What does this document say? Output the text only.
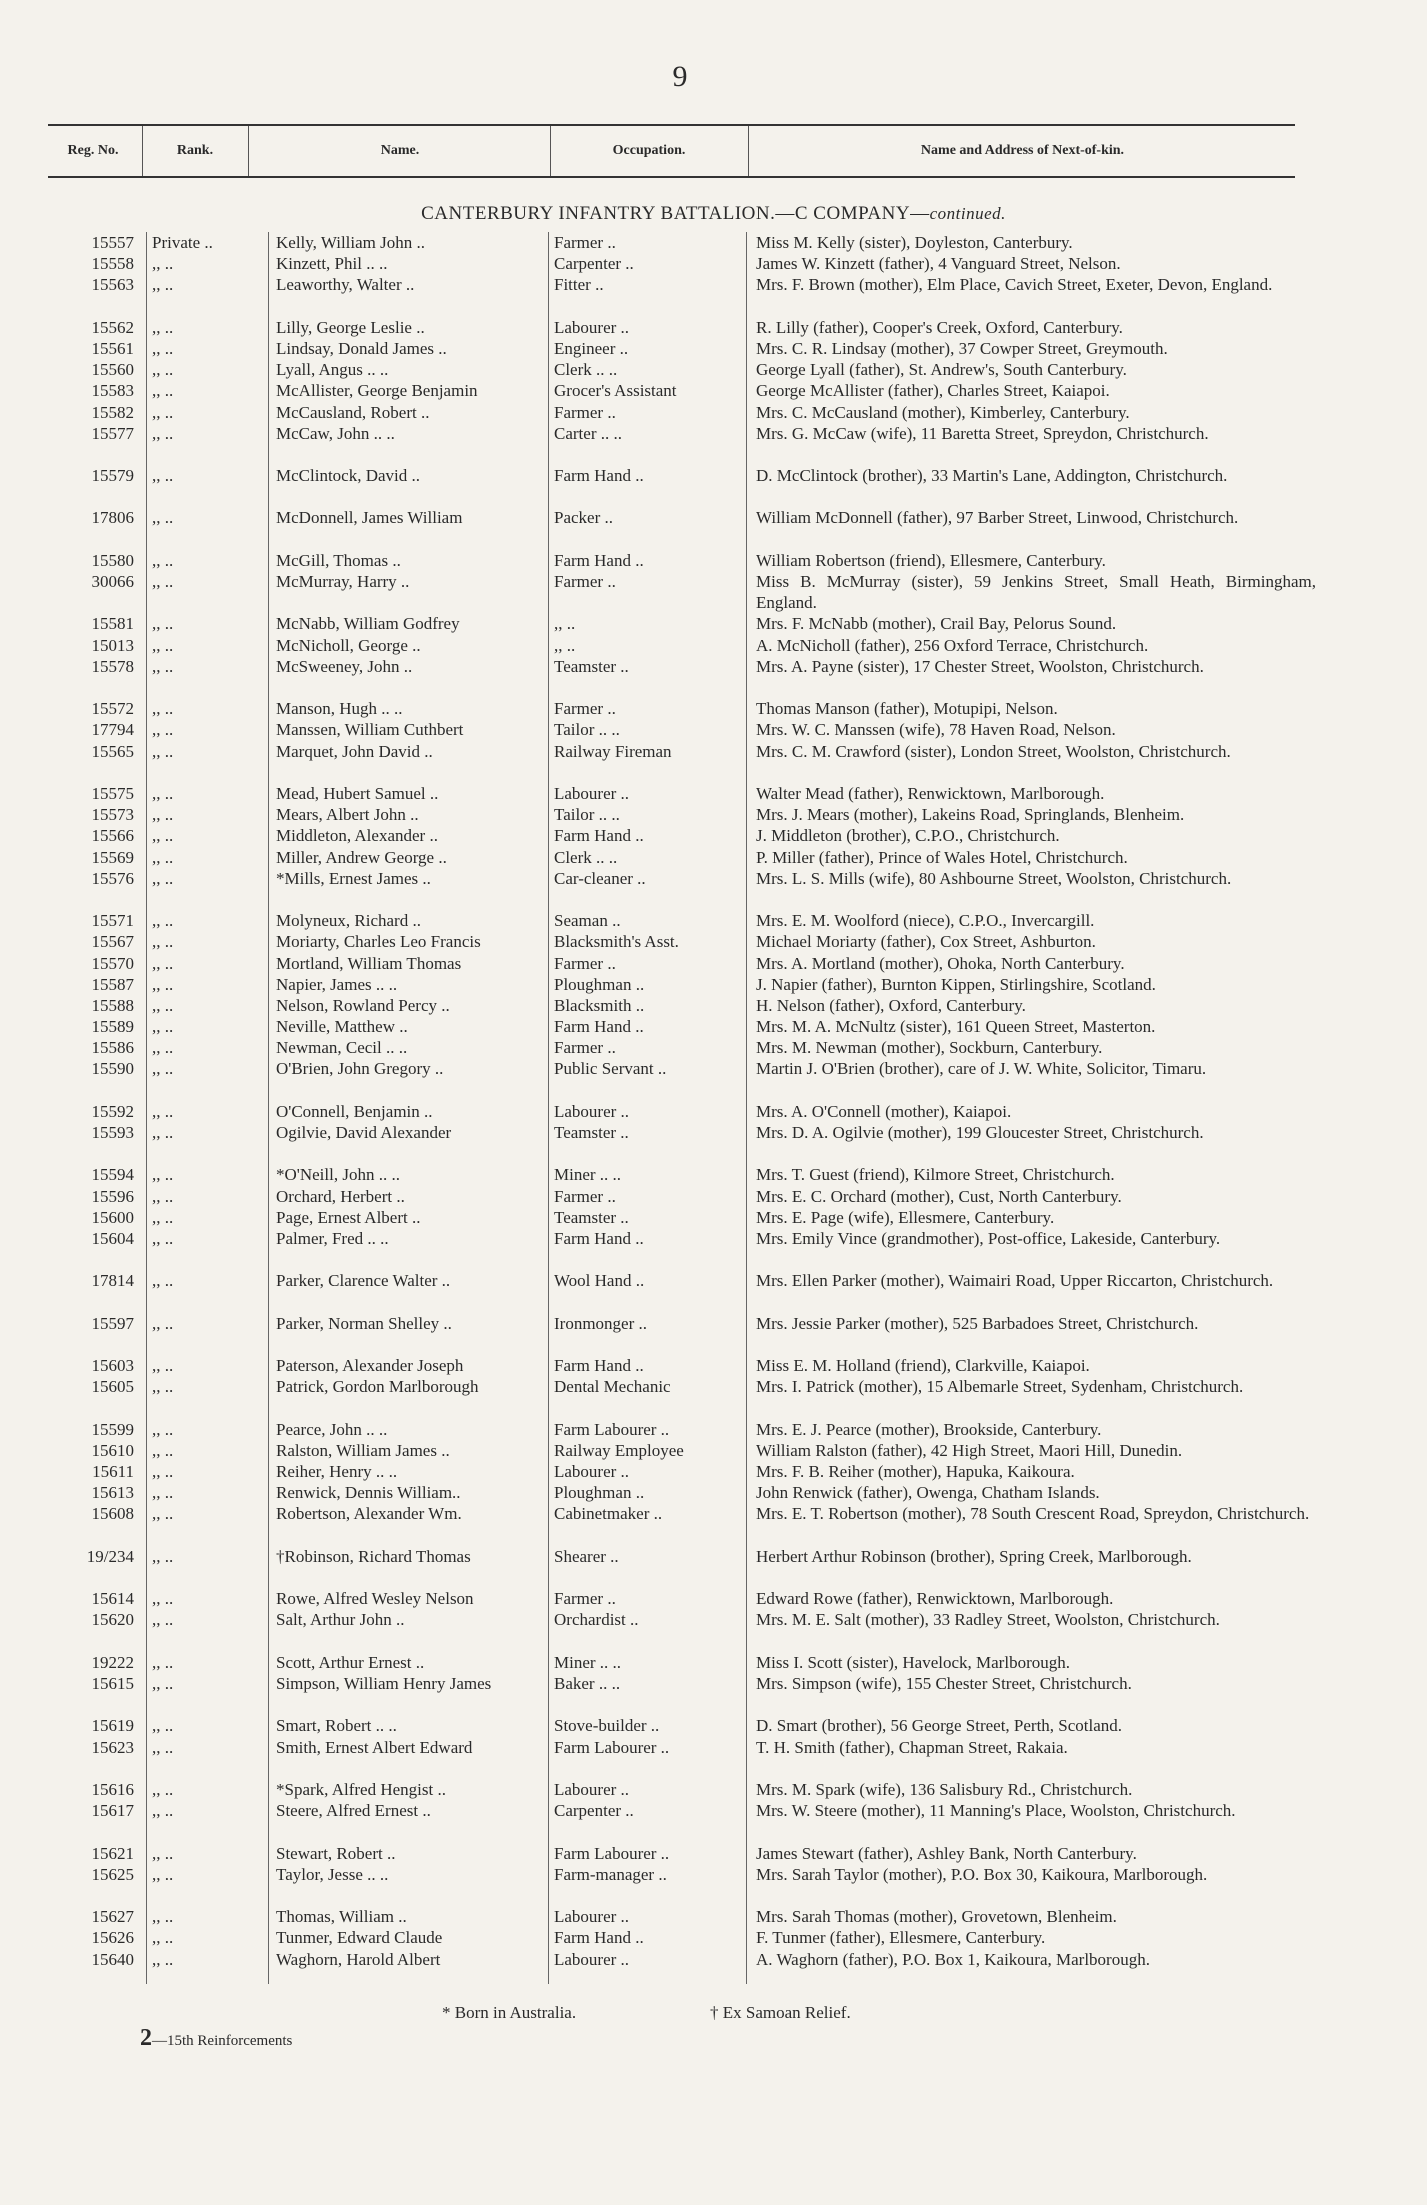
9
Reg. No.	Rank.	Name.	Occupation.	Name and Address of Next-of-kin.
CANTERBURY INFANTRY BATTALION.—C COMPANY—continued.
15557 Private ..	Kelly, William John ..	Farmer ..	Miss M. Kelly (sister), Doyleston, Canterbury.
15558 ,, ..	Kinzett, Phil .. ..	Carpenter ..	James W. Kinzett (father), 4 Vanguard Street, Nelson.
15563 ,, ..	Leaworthy, Walter ..	Fitter ..	Mrs. F. Brown (mother), Elm Place, Cavich Street, Exeter, Devon, England.
15562 ,, ..	Lilly, George Leslie ..	Labourer ..	R. Lilly (father), Cooper's Creek, Oxford, Canterbury.
15561 ,, ..	Lindsay, Donald James ..	Engineer ..	Mrs. C. R. Lindsay (mother), 37 Cowper Street, Greymouth.
15560 ,, ..	Lyall, Angus .. ..	Clerk .. ..	George Lyall (father), St. Andrew's, South Canterbury.
15583 ,, ..	McAllister, George Benjamin	Grocer's Assistant	George McAllister (father), Charles Street, Kaiapoi.
15582 ,, ..	McCausland, Robert ..	Farmer ..	Mrs. C. McCausland (mother), Kimberley, Canterbury.
15577 ,, ..	McCaw, John .. ..	Carter .. ..	Mrs. G. McCaw (wife), 11 Baretta Street, Spreydon, Christchurch.
15579 ,, ..	McClintock, David ..	Farm Hand ..	D. McClintock (brother), 33 Martin's Lane, Addington, Christchurch.
17806 ,, ..	McDonnell, James William	Packer ..	William McDonnell (father), 97 Barber Street, Linwood, Christchurch.
15580 ,, ..	McGill, Thomas ..	Farm Hand ..	William Robertson (friend), Ellesmere, Canterbury.
30066 ,, ..	McMurray, Harry ..	Farmer ..	Miss B. McMurray (sister), 59 Jenkins Street, Small Heath, Birmingham, England.
15581 ,, ..	McNabb, William Godfrey	,, ..	Mrs. F. McNabb (mother), Crail Bay, Pelorus Sound.
15013 ,, ..	McNicholl, George ..	,, ..	A. McNicholl (father), 256 Oxford Terrace, Christchurch.
15578 ,, ..	McSweeney, John ..	Teamster ..	Mrs. A. Payne (sister), 17 Chester Street, Woolston, Christchurch.
15572 ,, ..	Manson, Hugh .. ..	Farmer ..	Thomas Manson (father), Motupipi, Nelson.
17794 ,, ..	Manssen, William Cuthbert	Tailor .. ..	Mrs. W. C. Manssen (wife), 78 Haven Road, Nelson.
15565 ,, ..	Marquet, John David ..	Railway Fireman	Mrs. C. M. Crawford (sister), London Street, Woolston, Christchurch.
15575 ,, ..	Mead, Hubert Samuel ..	Labourer ..	Walter Mead (father), Renwicktown, Marlborough.
15573 ,, ..	Mears, Albert John ..	Tailor .. ..	Mrs. J. Mears (mother), Lakeins Road, Springlands, Blenheim.
15566 ,, ..	Middleton, Alexander ..	Farm Hand ..	J. Middleton (brother), C.P.O., Christchurch.
15569 ,, ..	Miller, Andrew George ..	Clerk .. ..	P. Miller (father), Prince of Wales Hotel, Christchurch.
15576 ,, ..	*Mills, Ernest James ..	Car-cleaner ..	Mrs. L. S. Mills (wife), 80 Ashbourne Street, Woolston, Christchurch.
15571 ,, ..	Molyneux, Richard ..	Seaman ..	Mrs. E. M. Woolford (niece), C.P.O., Invercargill.
15567 ,, ..	Moriarty, Charles Leo Francis	Blacksmith's Asst.	Michael Moriarty (father), Cox Street, Ashburton.
15570 ,, ..	Mortland, William Thomas	Farmer ..	Mrs. A. Mortland (mother), Ohoka, North Canterbury.
15587 ,, ..	Napier, James .. ..	Ploughman ..	J. Napier (father), Burnton Kippen, Stirlingshire, Scotland.
15588 ,, ..	Nelson, Rowland Percy ..	Blacksmith ..	H. Nelson (father), Oxford, Canterbury.
15589 ,, ..	Neville, Matthew ..	Farm Hand ..	Mrs. M. A. McNultz (sister), 161 Queen Street, Masterton.
15586 ,, ..	Newman, Cecil .. ..	Farmer ..	Mrs. M. Newman (mother), Sockburn, Canterbury.
15590 ,, ..	O'Brien, John Gregory ..	Public Servant ..	Martin J. O'Brien (brother), care of J. W. White, Solicitor, Timaru.
15592 ,, ..	O'Connell, Benjamin ..	Labourer ..	Mrs. A. O'Connell (mother), Kaiapoi.
15593 ,, ..	Ogilvie, David Alexander	Teamster ..	Mrs. D. A. Ogilvie (mother), 199 Gloucester Street, Christchurch.
15594 ,, ..	*O'Neill, John .. ..	Miner .. ..	Mrs. T. Guest (friend), Kilmore Street, Christchurch.
15596 ,, ..	Orchard, Herbert ..	Farmer ..	Mrs. E. C. Orchard (mother), Cust, North Canterbury.
15600 ,, ..	Page, Ernest Albert ..	Teamster ..	Mrs. E. Page (wife), Ellesmere, Canterbury.
15604 ,, ..	Palmer, Fred .. ..	Farm Hand ..	Mrs. Emily Vince (grandmother), Post-office, Lakeside, Canterbury.
17814 ,, ..	Parker, Clarence Walter ..	Wool Hand ..	Mrs. Ellen Parker (mother), Waimairi Road, Upper Riccarton, Christchurch.
15597 ,, ..	Parker, Norman Shelley ..	Ironmonger ..	Mrs. Jessie Parker (mother), 525 Barbadoes Street, Christchurch.
15603 ,, ..	Paterson, Alexander Joseph	Farm Hand ..	Miss E. M. Holland (friend), Clarkville, Kaiapoi.
15605 ,, ..	Patrick, Gordon Marlborough	Dental Mechanic	Mrs. I. Patrick (mother), 15 Albemarle Street, Sydenham, Christchurch.
15599 ,, ..	Pearce, John .. ..	Farm Labourer ..	Mrs. E. J. Pearce (mother), Brookside, Canterbury.
15610 ,, ..	Ralston, William James ..	Railway Employee	William Ralston (father), 42 High Street, Maori Hill, Dunedin.
15611 ,, ..	Reiher, Henry .. ..	Labourer ..	Mrs. F. B. Reiher (mother), Hapuka, Kaikoura.
15613 ,, ..	Renwick, Dennis William..	Ploughman ..	John Renwick (father), Owenga, Chatham Islands.
15608 ,, ..	Robertson, Alexander Wm.	Cabinetmaker ..	Mrs. E. T. Robertson (mother), 78 South Crescent Road, Spreydon, Christchurch.
19/234 ,, ..	†Robinson, Richard Thomas	Shearer ..	Herbert Arthur Robinson (brother), Spring Creek, Marlborough.
15614 ,, ..	Rowe, Alfred Wesley Nelson	Farmer ..	Edward Rowe (father), Renwicktown, Marlborough.
15620 ,, ..	Salt, Arthur John ..	Orchardist ..	Mrs. M. E. Salt (mother), 33 Radley Street, Woolston, Christchurch.
19222 ,, ..	Scott, Arthur Ernest ..	Miner .. ..	Miss I. Scott (sister), Havelock, Marlborough.
15615 ,, ..	Simpson, William Henry James	Baker .. ..	Mrs. Simpson (wife), 155 Chester Street, Christchurch.
15619 ,, ..	Smart, Robert .. ..	Stove-builder ..	D. Smart (brother), 56 George Street, Perth, Scotland.
15623 ,, ..	Smith, Ernest Albert Edward	Farm Labourer ..	T. H. Smith (father), Chapman Street, Rakaia.
15616 ,, ..	*Spark, Alfred Hengist ..	Labourer ..	Mrs. M. Spark (wife), 136 Salisbury Rd., Christchurch.
15617 ,, ..	Steere, Alfred Ernest ..	Carpenter ..	Mrs. W. Steere (mother), 11 Manning's Place, Woolston, Christchurch.
15621 ,, ..	Stewart, Robert ..	Farm Labourer ..	James Stewart (father), Ashley Bank, North Canterbury.
15625 ,, ..	Taylor, Jesse .. ..	Farm-manager ..	Mrs. Sarah Taylor (mother), P.O. Box 30, Kaikoura, Marlborough.
15627 ,, ..	Thomas, William ..	Labourer ..	Mrs. Sarah Thomas (mother), Grovetown, Blenheim.
15626 ,, ..	Tunmer, Edward Claude	Farm Hand ..	F. Tunmer (father), Ellesmere, Canterbury.
15640 ,, ..	Waghorn, Harold Albert	Labourer ..	A. Waghorn (father), P.O. Box 1, Kaikoura, Marlborough.
* Born in Australia.	† Ex Samoan Relief.
2—15th Reinforcements
